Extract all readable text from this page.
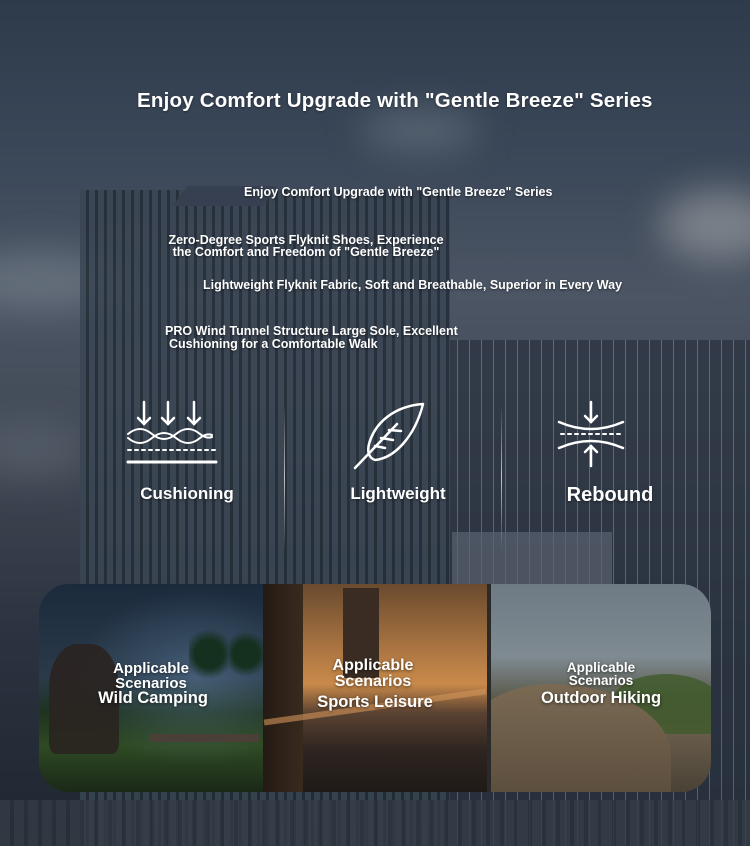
Enjoy Comfort Upgrade with "Gentle Breeze" Series
Enjoy Comfort Upgrade with "Gentle Breeze" Series
Zero-Degree Sports Flyknit Shoes, Experience
the Comfort and Freedom of "Gentle Breeze"
Lightweight Flyknit Fabric, Soft and Breathable, Superior in Every Way
PRO Wind Tunnel Structure Large Sole, Excellent
Cushioning for a Comfortable Walk
Cushioning	Lightweight	Rebound
Applicable
Scenarios
Wild Camping
Applicable
Scenarios
Sports Leisure
Applicable
Scenarios
Outdoor Hiking
